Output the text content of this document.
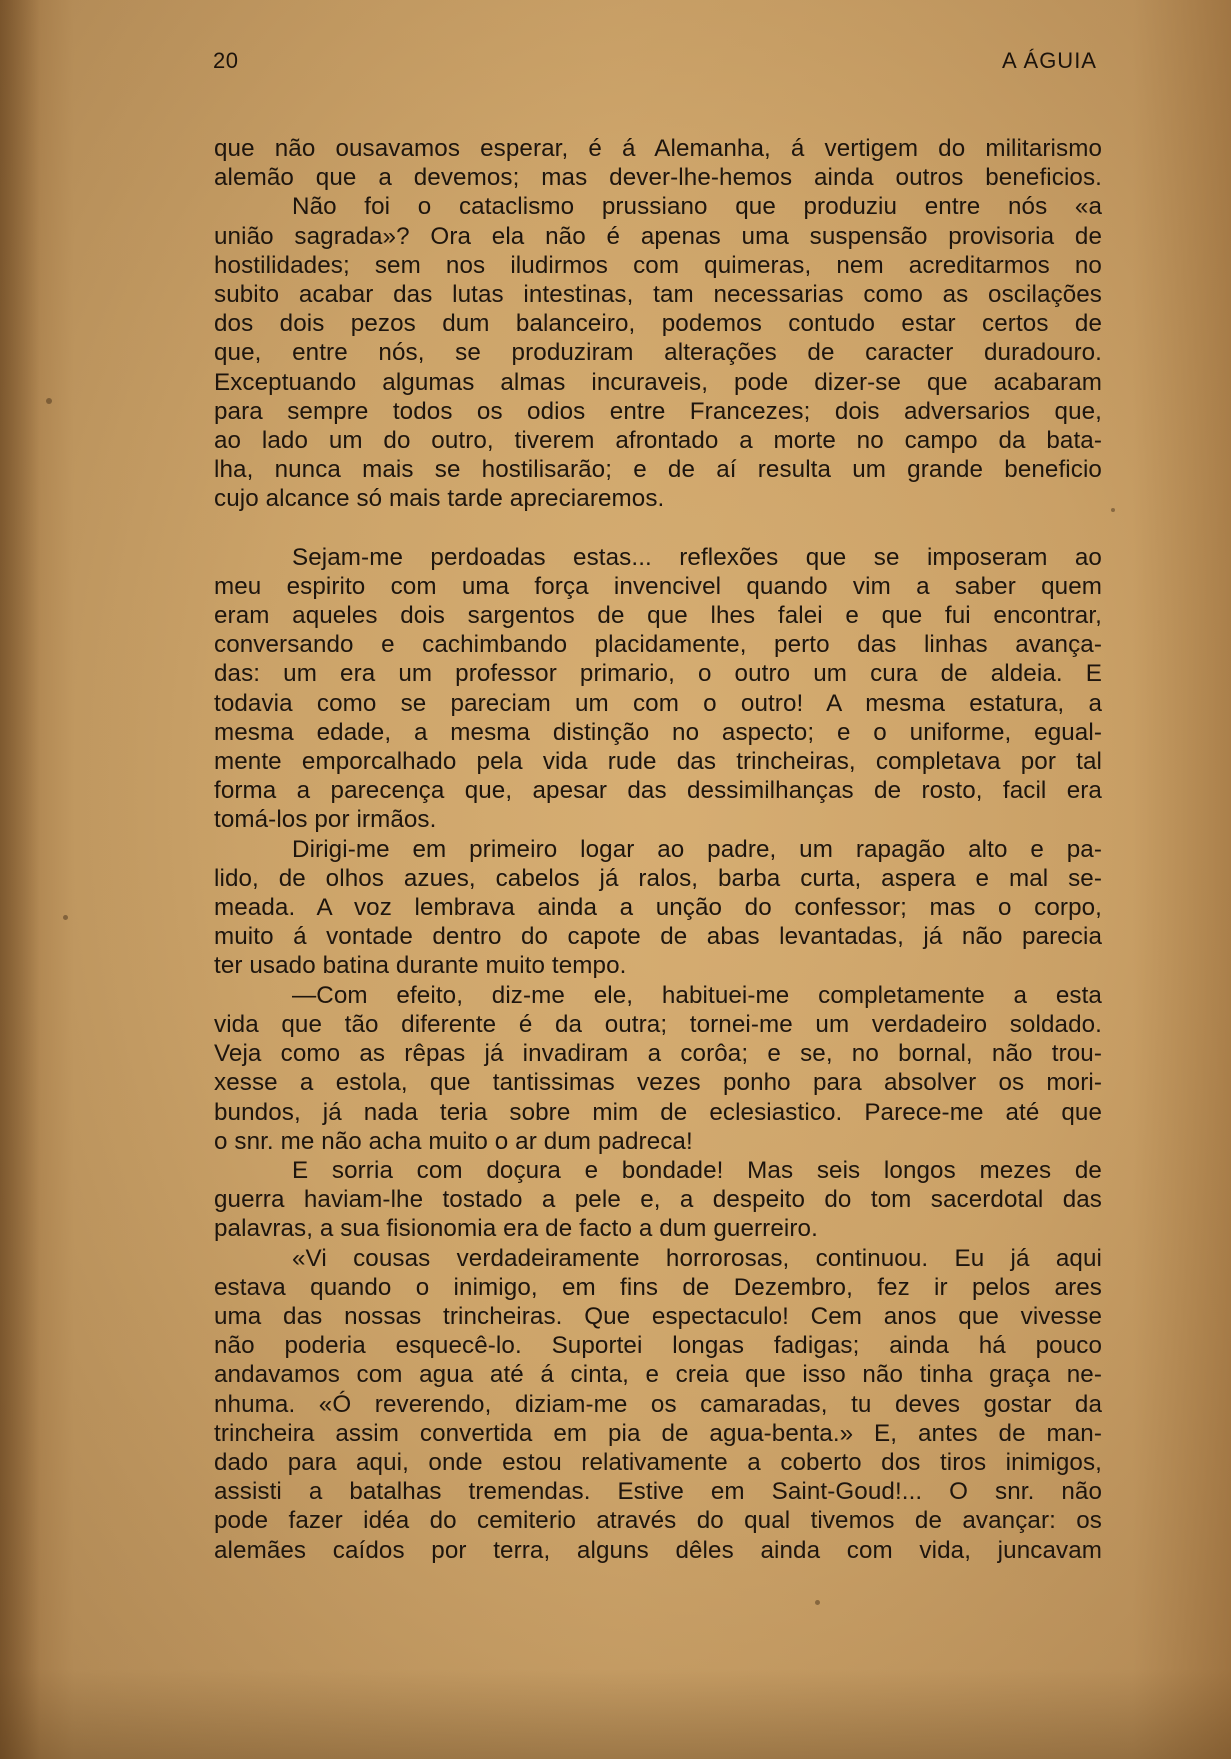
20	A ÁGUIA
que não ousavamos esperar, é á Alemanha, á vertigem do militarismo
alemão que a devemos; mas dever-lhe-hemos ainda outros beneficios.
Não foi o cataclismo prussiano que produziu entre nós «a
união sagrada»? Ora ela não é apenas uma suspensão provisoria de
hostilidades; sem nos iludirmos com quimeras, nem acreditarmos no
subito acabar das lutas intestinas, tam necessarias como as oscilações
dos dois pezos dum balanceiro, podemos contudo estar certos de
que, entre nós, se produziram alterações de caracter duradouro.
Exceptuando algumas almas incuraveis, pode dizer-se que acabaram
para sempre todos os odios entre Francezes; dois adversarios que,
ao lado um do outro, tiverem afrontado a morte no campo da bata-
lha, nunca mais se hostilisarão; e de aí resulta um grande beneficio
cujo alcance só mais tarde apreciaremos.
Sejam-me perdoadas estas... reflexões que se imposeram ao
meu espirito com uma força invencivel quando vim a saber quem
eram aqueles dois sargentos de que lhes falei e que fui encontrar,
conversando e cachimbando placidamente, perto das linhas avança-
das: um era um professor primario, o outro um cura de aldeia. E
todavia como se pareciam um com o outro! A mesma estatura, a
mesma edade, a mesma distinção no aspecto; e o uniforme, egual-
mente emporcalhado pela vida rude das trincheiras, completava por tal
forma a parecença que, apesar das dessimilhanças de rosto, facil era
tomá-los por irmãos.
Dirigi-me em primeiro logar ao padre, um rapagão alto e pa-
lido, de olhos azues, cabelos já ralos, barba curta, aspera e mal se-
meada. A voz lembrava ainda a unção do confessor; mas o corpo,
muito á vontade dentro do capote de abas levantadas, já não parecia
ter usado batina durante muito tempo.
—Com efeito, diz-me ele, habituei-me completamente a esta
vida que tão diferente é da outra; tornei-me um verdadeiro soldado.
Veja como as rêpas já invadiram a corôa; e se, no bornal, não trou-
xesse a estola, que tantissimas vezes ponho para absolver os mori-
bundos, já nada teria sobre mim de eclesiastico. Parece-me até que
o snr. me não acha muito o ar dum padreca!
E sorria com doçura e bondade! Mas seis longos mezes de
guerra haviam-lhe tostado a pele e, a despeito do tom sacerdotal das
palavras, a sua fisionomia era de facto a dum guerreiro.
«Vi cousas verdadeiramente horrorosas, continuou. Eu já aqui
estava quando o inimigo, em fins de Dezembro, fez ir pelos ares
uma das nossas trincheiras. Que espectaculo! Cem anos que vivesse
não poderia esquecê-lo. Suportei longas fadigas; ainda há pouco
andavamos com agua até á cinta, e creia que isso não tinha graça ne-
nhuma. «Ó reverendo, diziam-me os camaradas, tu deves gostar da
trincheira assim convertida em pia de agua-benta.» E, antes de man-
dado para aqui, onde estou relativamente a coberto dos tiros inimigos,
assisti a batalhas tremendas. Estive em Saint-Goud!... O snr. não
pode fazer idéa do cemiterio através do qual tivemos de avançar: os
alemães caídos por terra, alguns dêles ainda com vida, juncavam
